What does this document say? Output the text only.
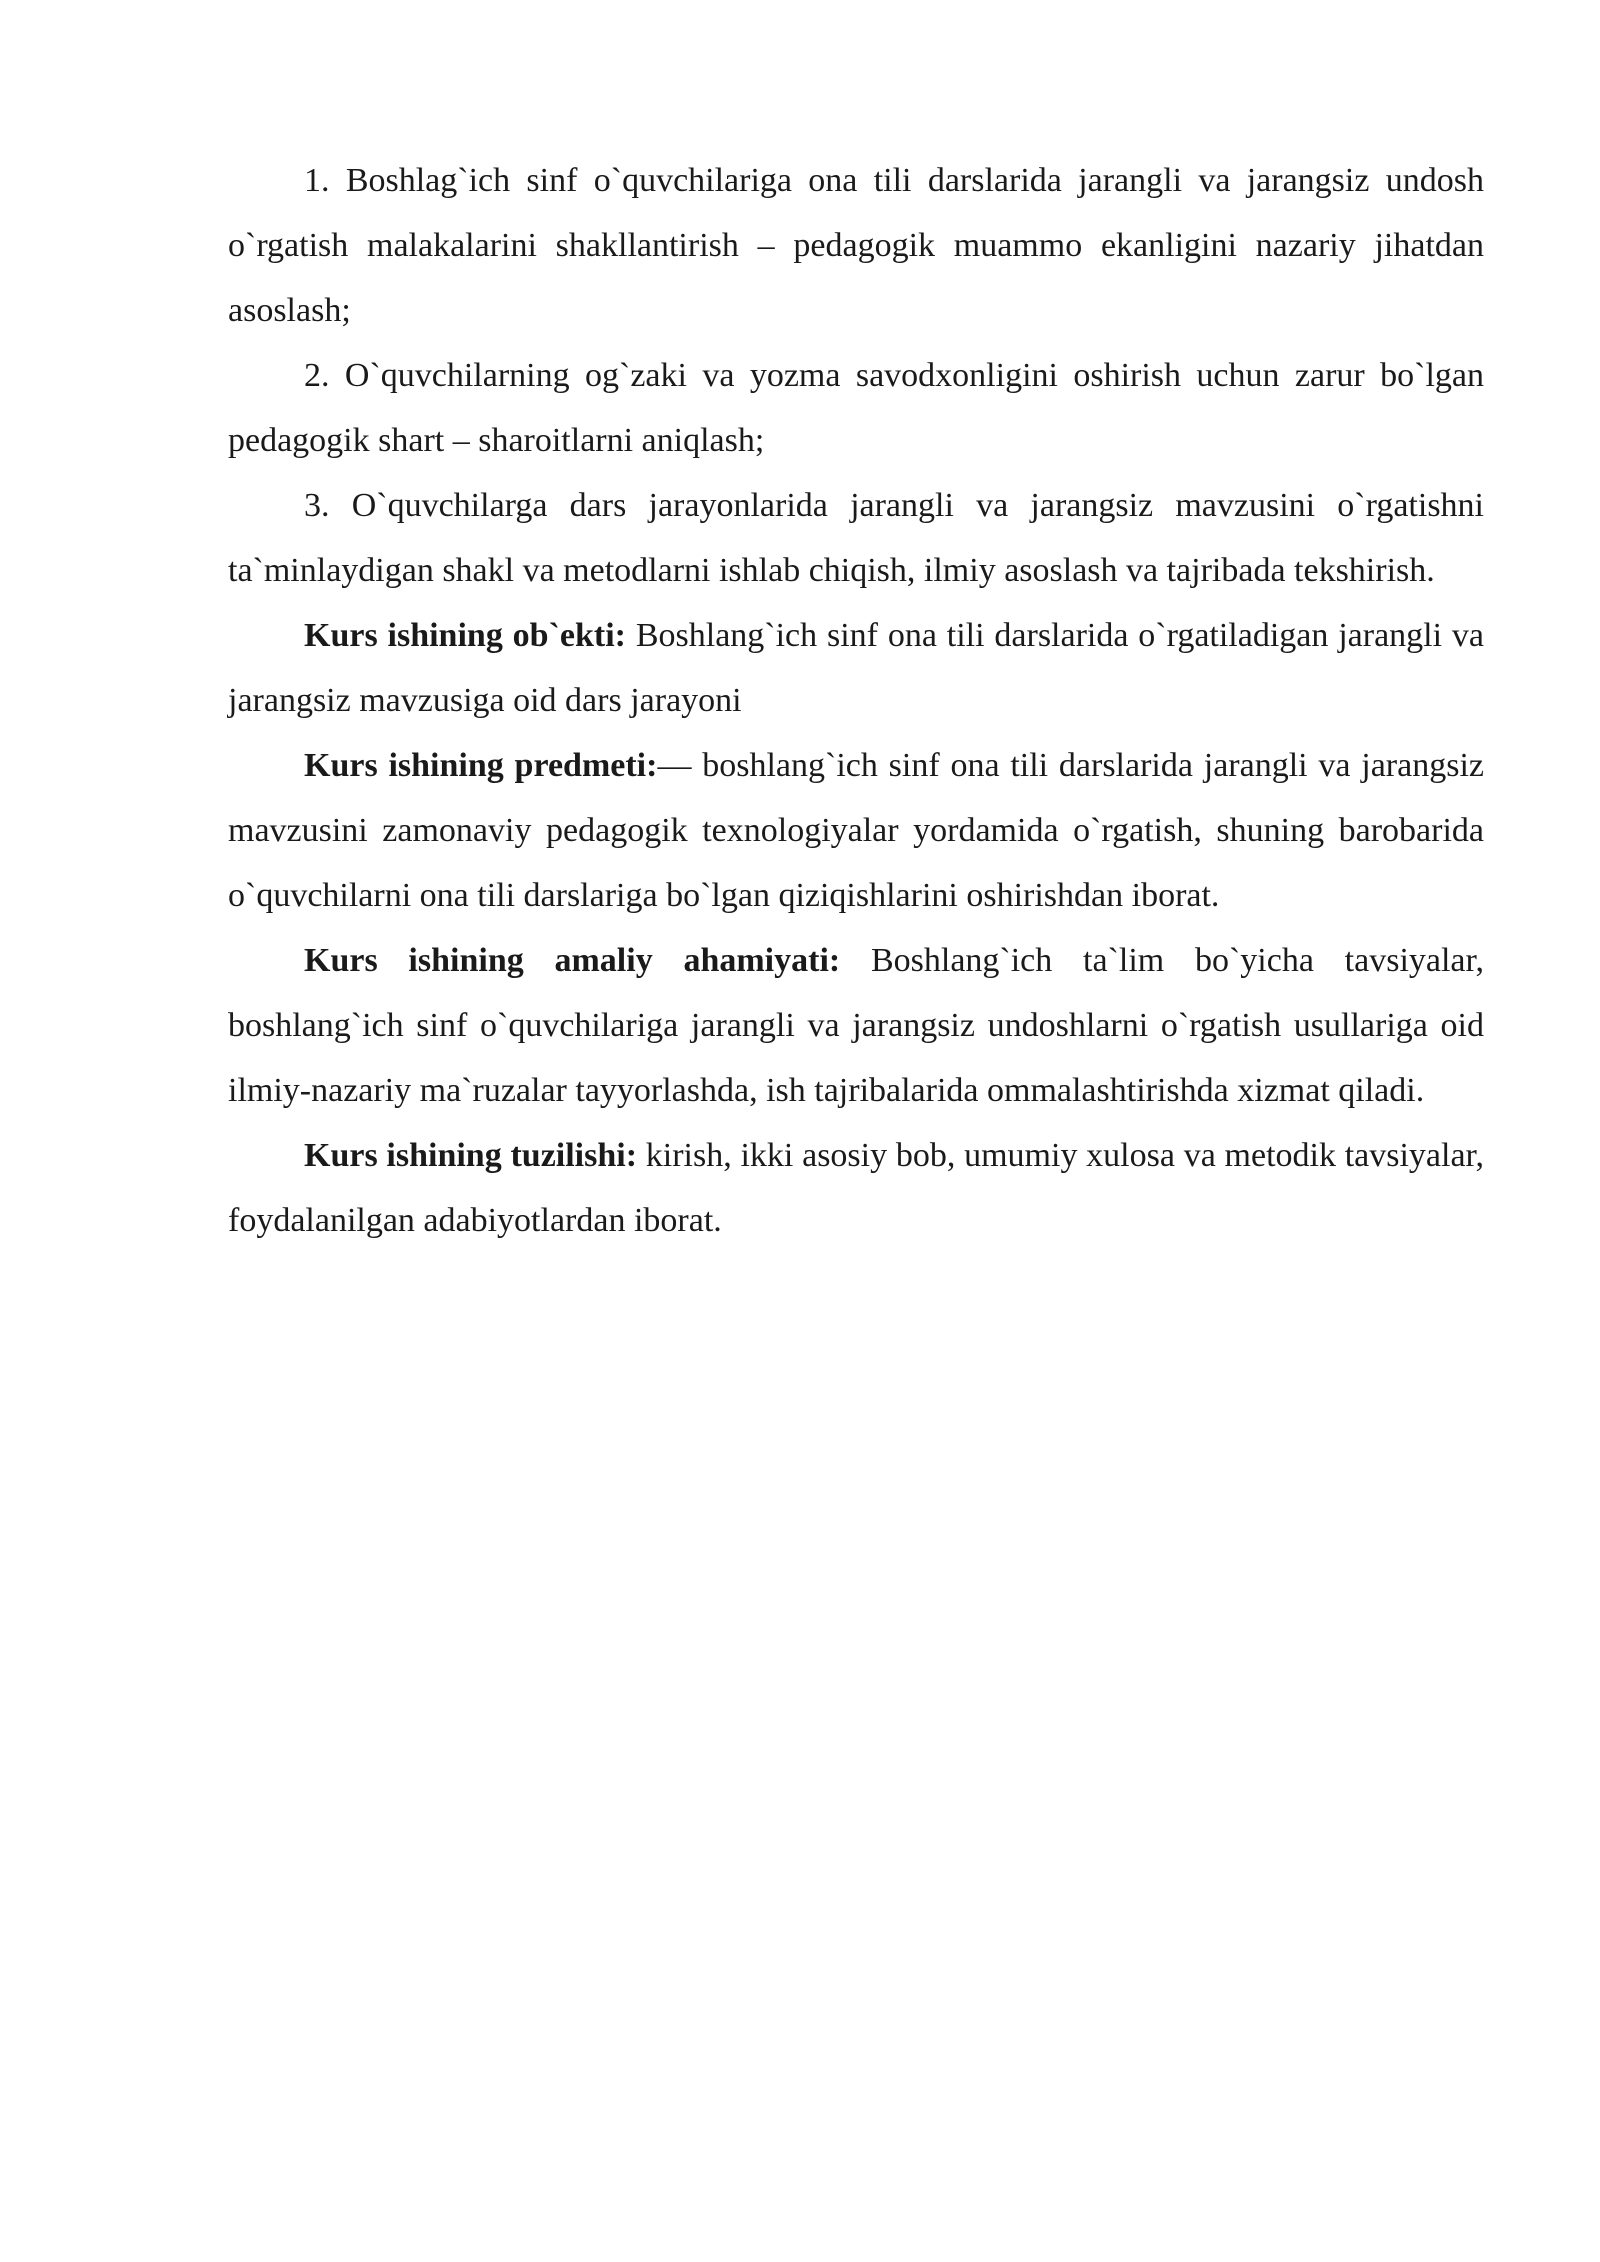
1. Boshlag`ich sinf o`quvchilariga ona tili darslarida jarangli va jarangsiz undosh o`rgatish malakalarini shakllantirish – pedagogik muammo ekanligini nazariy jihatdan asoslash;

2. O`quvchilarning og`zaki va yozma savodxonligini oshirish uchun zarur bo`lgan pedagogik shart – sharoitlarni aniqlash;

3. O`quvchilarga dars jarayonlarida jarangli va jarangsiz mavzusini o`rgatishni ta`minlaydigan shakl va metodlarni ishlab chiqish, ilmiy asoslash va tajribada tekshirish.

Kurs ishining ob`ekti: Boshlang`ich sinf ona tili darslarida o`rgatiladigan jarangli va jarangsiz mavzusiga oid dars jarayoni

Kurs ishining predmeti:— boshlang`ich sinf ona tili darslarida jarangli va jarangsiz mavzusini zamonaviy pedagogik texnologiyalar yordamida o`rgatish, shuning barobarida o`quvchilarni ona tili darslariga bo`lgan qiziqishlarini oshirishdan iborat.

Kurs ishining amaliy ahamiyati: Boshlang`ich ta`lim bo`yicha tavsiyalar, boshlang`ich sinf o`quvchilariga jarangli va jarangsiz undoshlarni o`rgatish usullariga oid ilmiy-nazariy ma`ruzalar tayyorlashda, ish tajribalarida ommalashtirishda xizmat qiladi.

Kurs ishining tuzilishi: kirish, ikki asosiy bob, umumiy xulosa va metodik tavsiyalar, foydalanilgan adabiyotlardan iborat.
